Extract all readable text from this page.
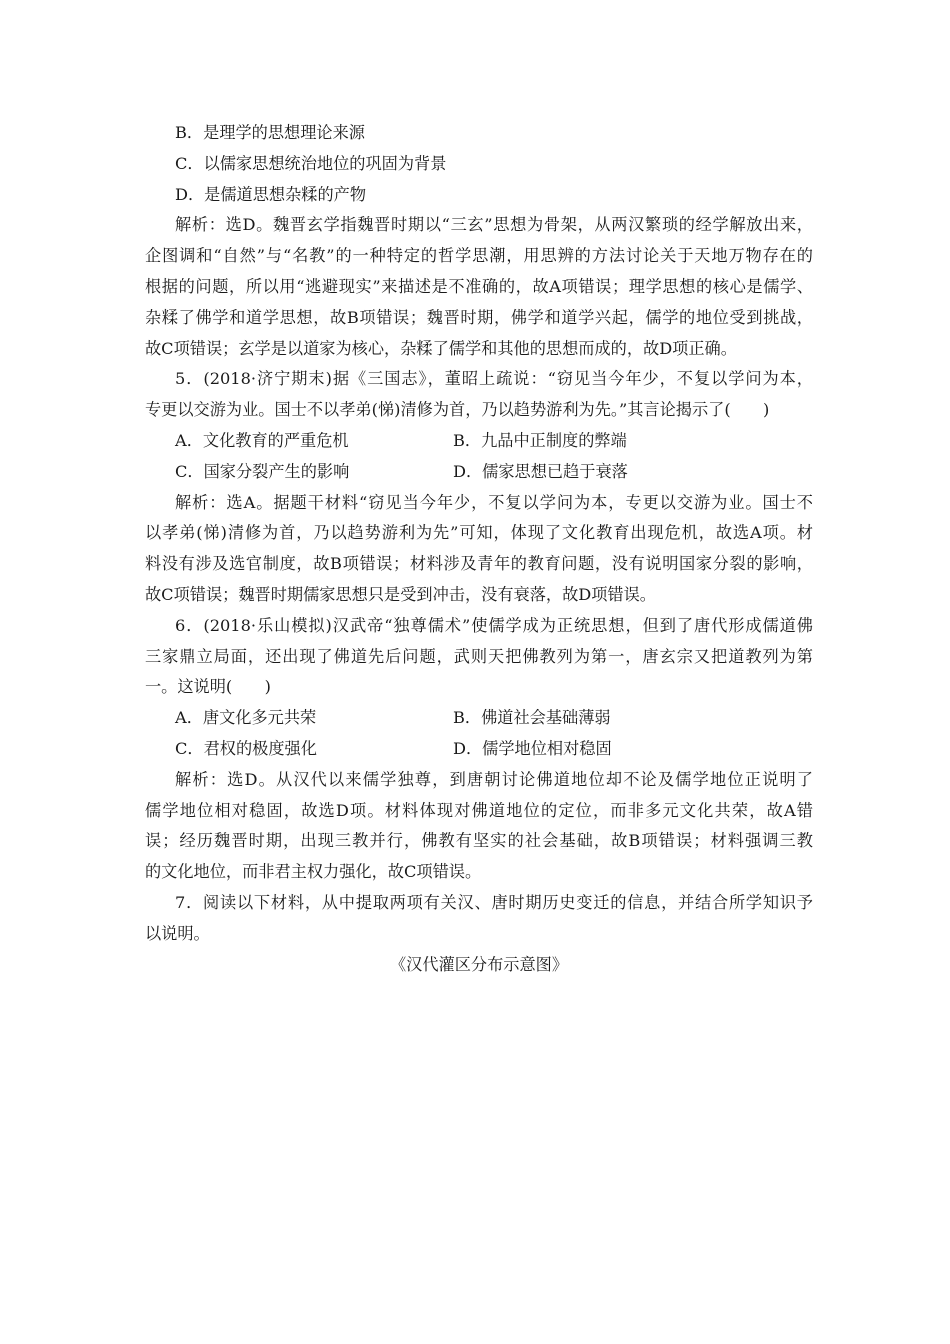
B．是理学的思想理论来源
C．以儒家思想统治地位的巩固为背景
D．是儒道思想杂糅的产物
解析：选D。魏晋玄学指魏晋时期以“三玄”思想为骨架，从两汉繁琐的经学解放出来，
企图调和“自然”与“名教”的一种特定的哲学思潮，用思辨的方法讨论关于天地万物存在的
根据的问题，所以用“逃避现实”来描述是不准确的，故A项错误；理学思想的核心是儒学、
杂糅了佛学和道学思想，故B项错误；魏晋时期，佛学和道学兴起，儒学的地位受到挑战，
故C项错误；玄学是以道家为核心，杂糅了儒学和其他的思想而成的，故D项正确。
5．(2018·济宁期末)据《三国志》，董昭上疏说：“窃见当今年少，不复以学问为本，
专更以交游为业。国士不以孝弟(悌)清修为首，乃以趋势游利为先。”其言论揭示了(　　)
A．文化教育的严重危机	B．九品中正制度的弊端
C．国家分裂产生的影响	D．儒家思想已趋于衰落
解析：选A。据题干材料“窃见当今年少，不复以学问为本，专更以交游为业。国士不
以孝弟(悌)清修为首，乃以趋势游利为先”可知，体现了文化教育出现危机，故选A项。材
料没有涉及选官制度，故B项错误；材料涉及青年的教育问题，没有说明国家分裂的影响，
故C项错误；魏晋时期儒家思想只是受到冲击，没有衰落，故D项错误。
6．(2018·乐山模拟)汉武帝“独尊儒术”使儒学成为正统思想，但到了唐代形成儒道佛
三家鼎立局面，还出现了佛道先后问题，武则天把佛教列为第一，唐玄宗又把道教列为第
一。这说明(　　)
A．唐文化多元共荣	B．佛道社会基础薄弱
C．君权的极度强化	D．儒学地位相对稳固
解析：选D。从汉代以来儒学独尊，到唐朝讨论佛道地位却不论及儒学地位正说明了
儒学地位相对稳固，故选D项。材料体现对佛道地位的定位，而非多元文化共荣，故A错
误；经历魏晋时期，出现三教并行，佛教有坚实的社会基础，故B项错误；材料强调三教
的文化地位，而非君主权力强化，故C项错误。
7．阅读以下材料，从中提取两项有关汉、唐时期历史变迁的信息，并结合所学知识予
以说明。
《汉代灌区分布示意图》
